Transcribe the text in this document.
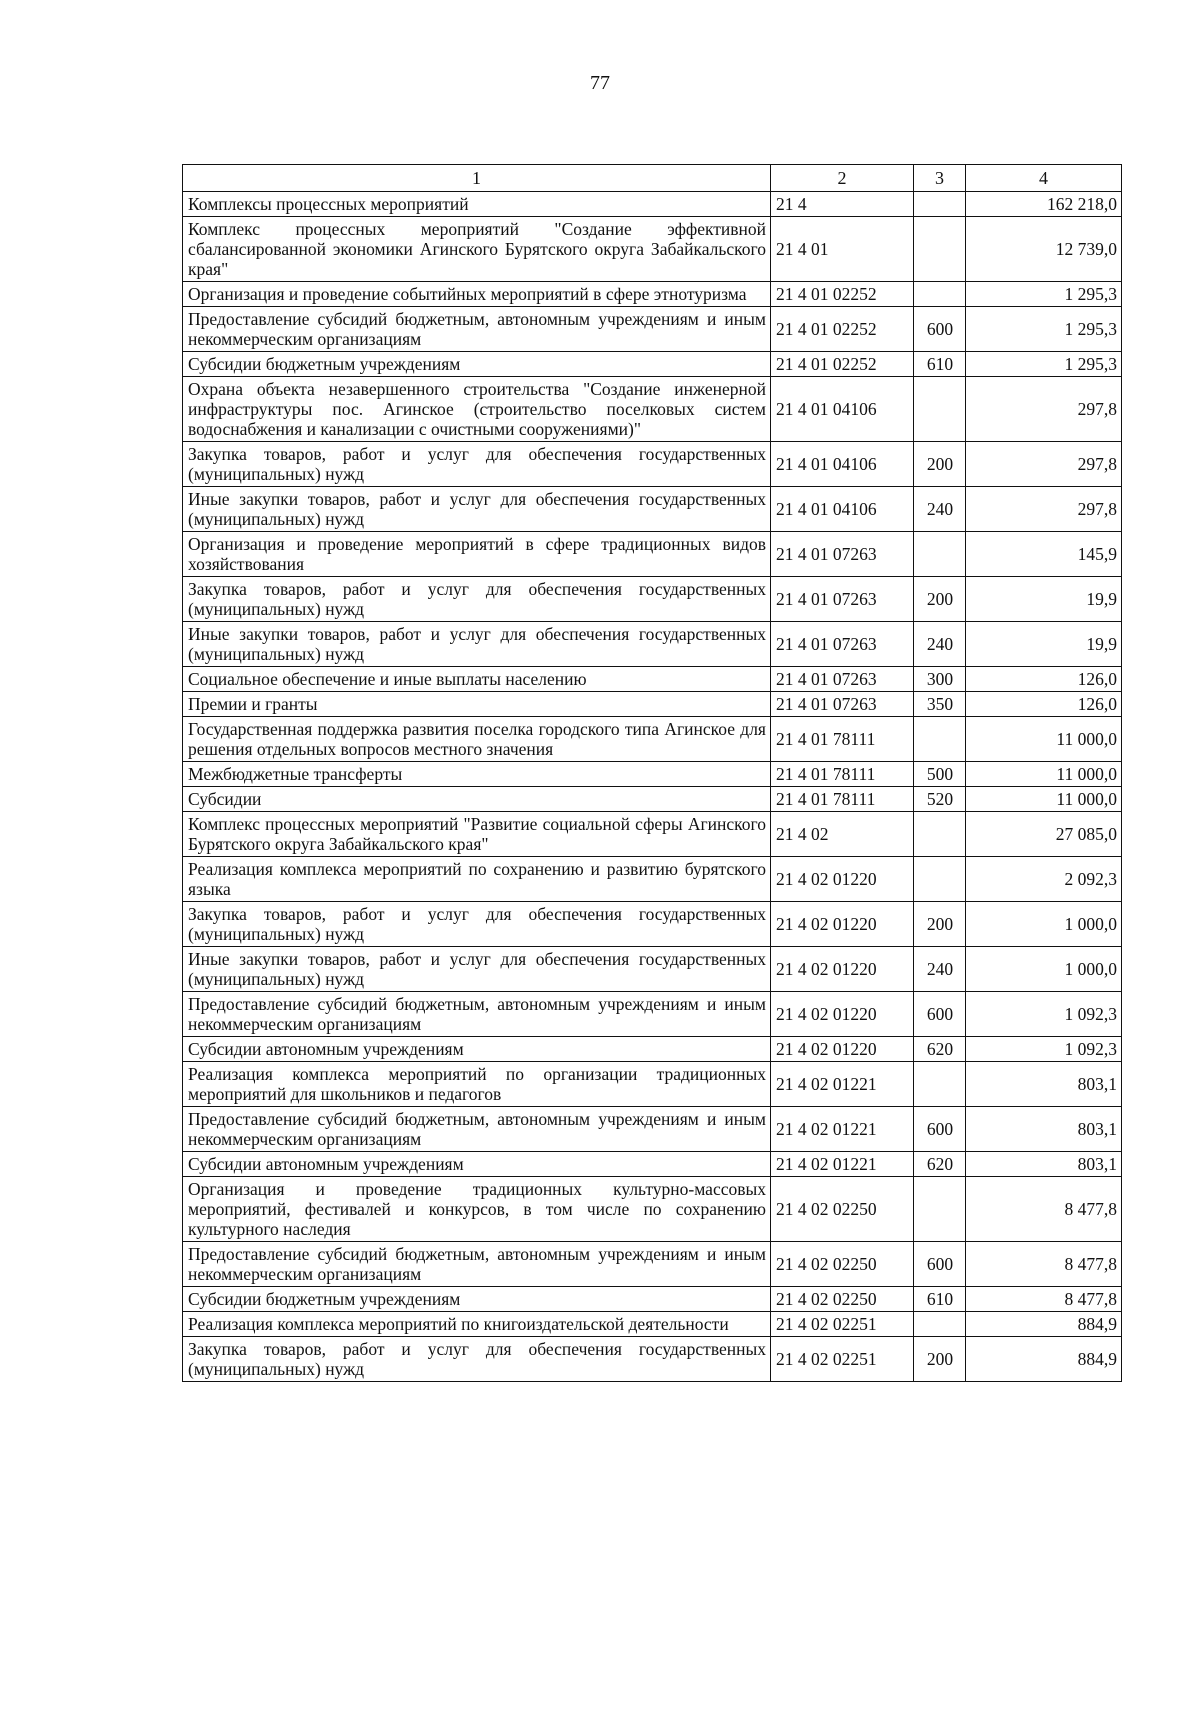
77
1	2	3	4
Комплексы процессных мероприятий	21 4		162 218,0
Комплекс процессных мероприятий "Создание эффективной сбалансированной экономики Агинского Бурятского округа Забайкальского края"	21 4 01		12 739,0
Организация и проведение событийных мероприятий в сфере этнотуризма	21 4 01 02252		1 295,3
Предоставление субсидий бюджетным, автономным учреждениям и иным некоммерческим организациям	21 4 01 02252	600	1 295,3
Субсидии бюджетным учреждениям	21 4 01 02252	610	1 295,3
Охрана объекта незавершенного строительства "Создание инженерной инфраструктуры пос. Агинское (строительство поселковых систем водоснабжения и канализации с очистными сооружениями)"	21 4 01 04106		297,8
Закупка товаров, работ и услуг для обеспечения государственных (муниципальных) нужд	21 4 01 04106	200	297,8
Иные закупки товаров, работ и услуг для обеспечения государственных (муниципальных) нужд	21 4 01 04106	240	297,8
Организация и проведение мероприятий в сфере традиционных видов хозяйствования	21 4 01 07263		145,9
Закупка товаров, работ и услуг для обеспечения государственных (муниципальных) нужд	21 4 01 07263	200	19,9
Иные закупки товаров, работ и услуг для обеспечения государственных (муниципальных) нужд	21 4 01 07263	240	19,9
Социальное обеспечение и иные выплаты населению	21 4 01 07263	300	126,0
Премии и гранты	21 4 01 07263	350	126,0
Государственная поддержка развития поселка городского типа Агинское для решения отдельных вопросов местного значения	21 4 01 78111		11 000,0
Межбюджетные трансферты	21 4 01 78111	500	11 000,0
Субсидии	21 4 01 78111	520	11 000,0
Комплекс процессных мероприятий "Развитие социальной сферы Агинского Бурятского округа Забайкальского края"	21 4 02		27 085,0
Реализация комплекса мероприятий по сохранению и развитию бурятского языка	21 4 02 01220		2 092,3
Закупка товаров, работ и услуг для обеспечения государственных (муниципальных) нужд	21 4 02 01220	200	1 000,0
Иные закупки товаров, работ и услуг для обеспечения государственных (муниципальных) нужд	21 4 02 01220	240	1 000,0
Предоставление субсидий бюджетным, автономным учреждениям и иным некоммерческим организациям	21 4 02 01220	600	1 092,3
Субсидии автономным учреждениям	21 4 02 01220	620	1 092,3
Реализация комплекса мероприятий по организации традиционных мероприятий для школьников и педагогов	21 4 02 01221		803,1
Предоставление субсидий бюджетным, автономным учреждениям и иным некоммерческим организациям	21 4 02 01221	600	803,1
Субсидии автономным учреждениям	21 4 02 01221	620	803,1
Организация и проведение традиционных культурно-массовых мероприятий, фестивалей и конкурсов, в том числе по сохранению культурного наследия	21 4 02 02250		8 477,8
Предоставление субсидий бюджетным, автономным учреждениям и иным некоммерческим организациям	21 4 02 02250	600	8 477,8
Субсидии бюджетным учреждениям	21 4 02 02250	610	8 477,8
Реализация комплекса мероприятий по книгоиздательской деятельности	21 4 02 02251		884,9
Закупка товаров, работ и услуг для обеспечения государственных (муниципальных) нужд	21 4 02 02251	200	884,9
